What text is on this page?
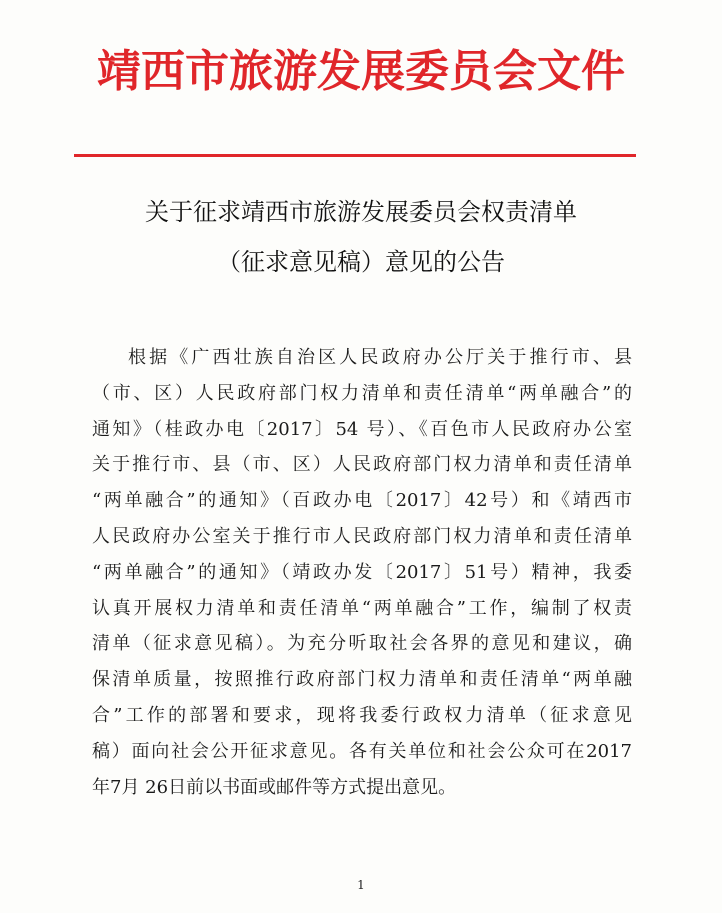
靖西市旅游发展委员会文件
关于征求靖西市旅游发展委员会权责清单
（征求意见稿）意见的公告
根据《广西壮族自治区人民政府办公厅关于推行市、县
（市、区）人民政府部门权力清单和责任清单“两单融合”的
通知》（桂政办电〔2017〕54 号）、《百色市人民政府办公室
关于推行市、县（市、区）人民政府部门权力清单和责任清单
“两单融合”的通知》（百政办电〔2017〕42号）和《靖西市
人民政府办公室关于推行市人民政府部门权力清单和责任清单
“两单融合”的通知》（靖政办发〔2017〕51号）精神，我委
认真开展权力清单和责任清单“两单融合”工作，编制了权责
清单（征求意见稿）。为充分听取社会各界的意见和建议，确
保清单质量，按照推行政府部门权力清单和责任清单“两单融
合”工作的部署和要求，现将我委行政权力清单（征求意见
稿）面向社会公开征求意见。各有关单位和社会公众可在2017
年7月 26日前以书面或邮件等方式提出意见。
1
